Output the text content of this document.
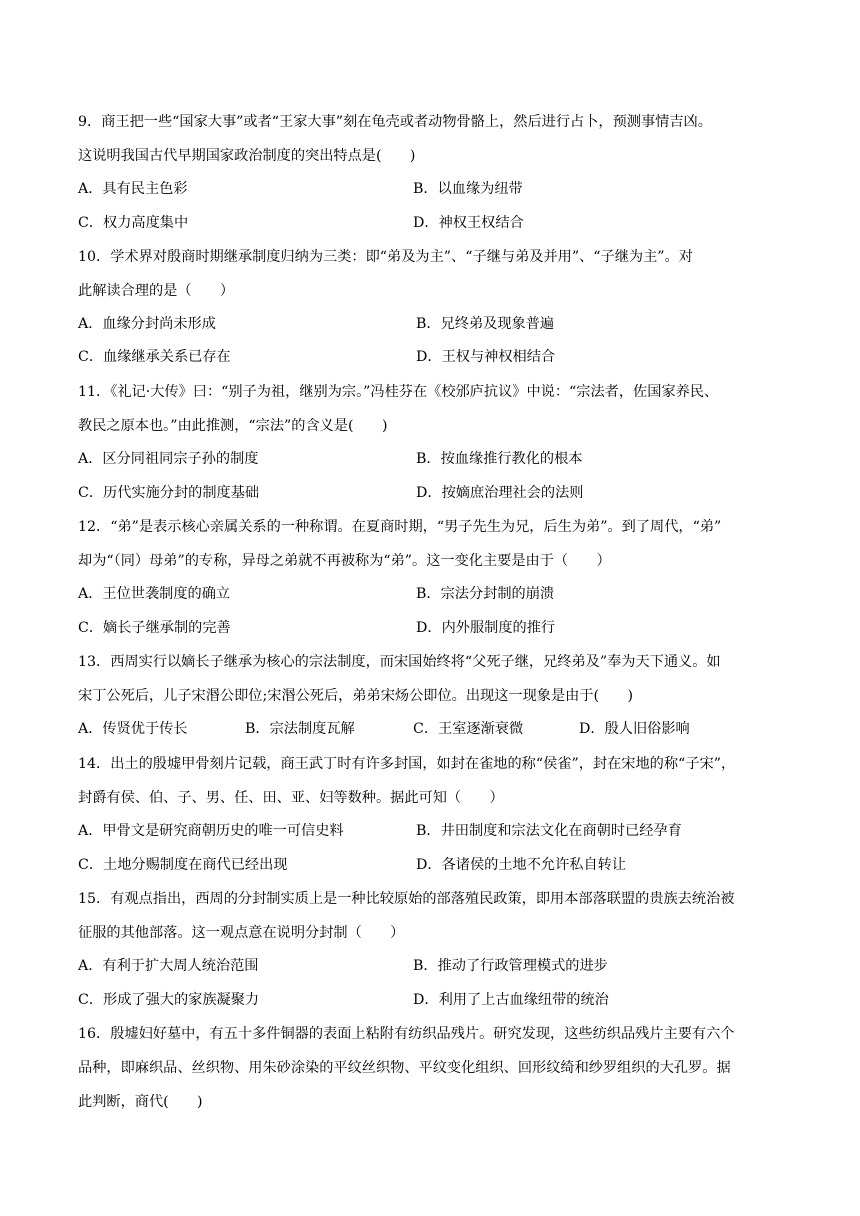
9．商王把一些“国家大事”或者“王家大事”刻在龟壳或者动物骨骼上，然后进行占卜，预测事情吉凶。
这说明我国古代早期国家政治制度的突出特点是(　　)
A．具有民主色彩	B．以血缘为纽带
C．权力高度集中	D．神权王权结合
10．学术界对殷商时期继承制度归纳为三类：即“弟及为主”、“子继与弟及并用”、“子继为主”。对
此解读合理的是（　　）
A．血缘分封尚未形成	B．兄终弟及现象普遍
C．血缘继承关系已存在	D．王权与神权相结合
11．《礼记·大传》曰：“别子为祖，继别为宗。”冯桂芬在《校邠庐抗议》中说：“宗法者，佐国家养民、
教民之原本也。”由此推测，“宗法”的含义是(　　)
A．区分同祖同宗子孙的制度	B．按血缘推行教化的根本
C．历代实施分封的制度基础	D．按嫡庶治理社会的法则
12．“弟”是表示核心亲属关系的一种称谓。在夏商时期，“男子先生为兄，后生为弟”。到了周代，“弟”
却为“（同）母弟”的专称，异母之弟就不再被称为“弟”。这一变化主要是由于（　　）
A．王位世袭制度的确立	B．宗法分封制的崩溃
C．嫡长子继承制的完善	D．内外服制度的推行
13．西周实行以嫡长子继承为核心的宗法制度，而宋国始终将“父死子继，兄终弟及”奉为天下通义。如
宋丁公死后，儿子宋湣公即位;宋湣公死后，弟弟宋炀公即位。出现这一现象是由于(　　)
A．传贤优于传长	B．宗法制度瓦解	C．王室逐渐衰微	D．殷人旧俗影响
14．出土的殷墟甲骨刻片记载，商王武丁时有许多封国，如封在雀地的称“侯雀”，封在宋地的称“子宋”，
封爵有侯、伯、子、男、任、田、亚、妇等数种。据此可知（　　）
A．甲骨文是研究商朝历史的唯一可信史料	B．井田制度和宗法文化在商朝时已经孕育
C．土地分赐制度在商代已经出现	D．各诸侯的土地不允许私自转让
15．有观点指出，西周的分封制实质上是一种比较原始的部落殖民政策，即用本部落联盟的贵族去统治被
征服的其他部落。这一观点意在说明分封制（　　）
A．有利于扩大周人统治范围	B．推动了行政管理模式的进步
C．形成了强大的家族凝聚力	D．利用了上古血缘纽带的统治
16．殷墟妇好墓中，有五十多件铜器的表面上粘附有纺织品残片。研究发现，这些纺织品残片主要有六个
品种，即麻织品、丝织物、用朱砂涂染的平纹丝织物、平纹变化组织、回形纹绮和纱罗组织的大孔罗。据
此判断，商代(　　)
